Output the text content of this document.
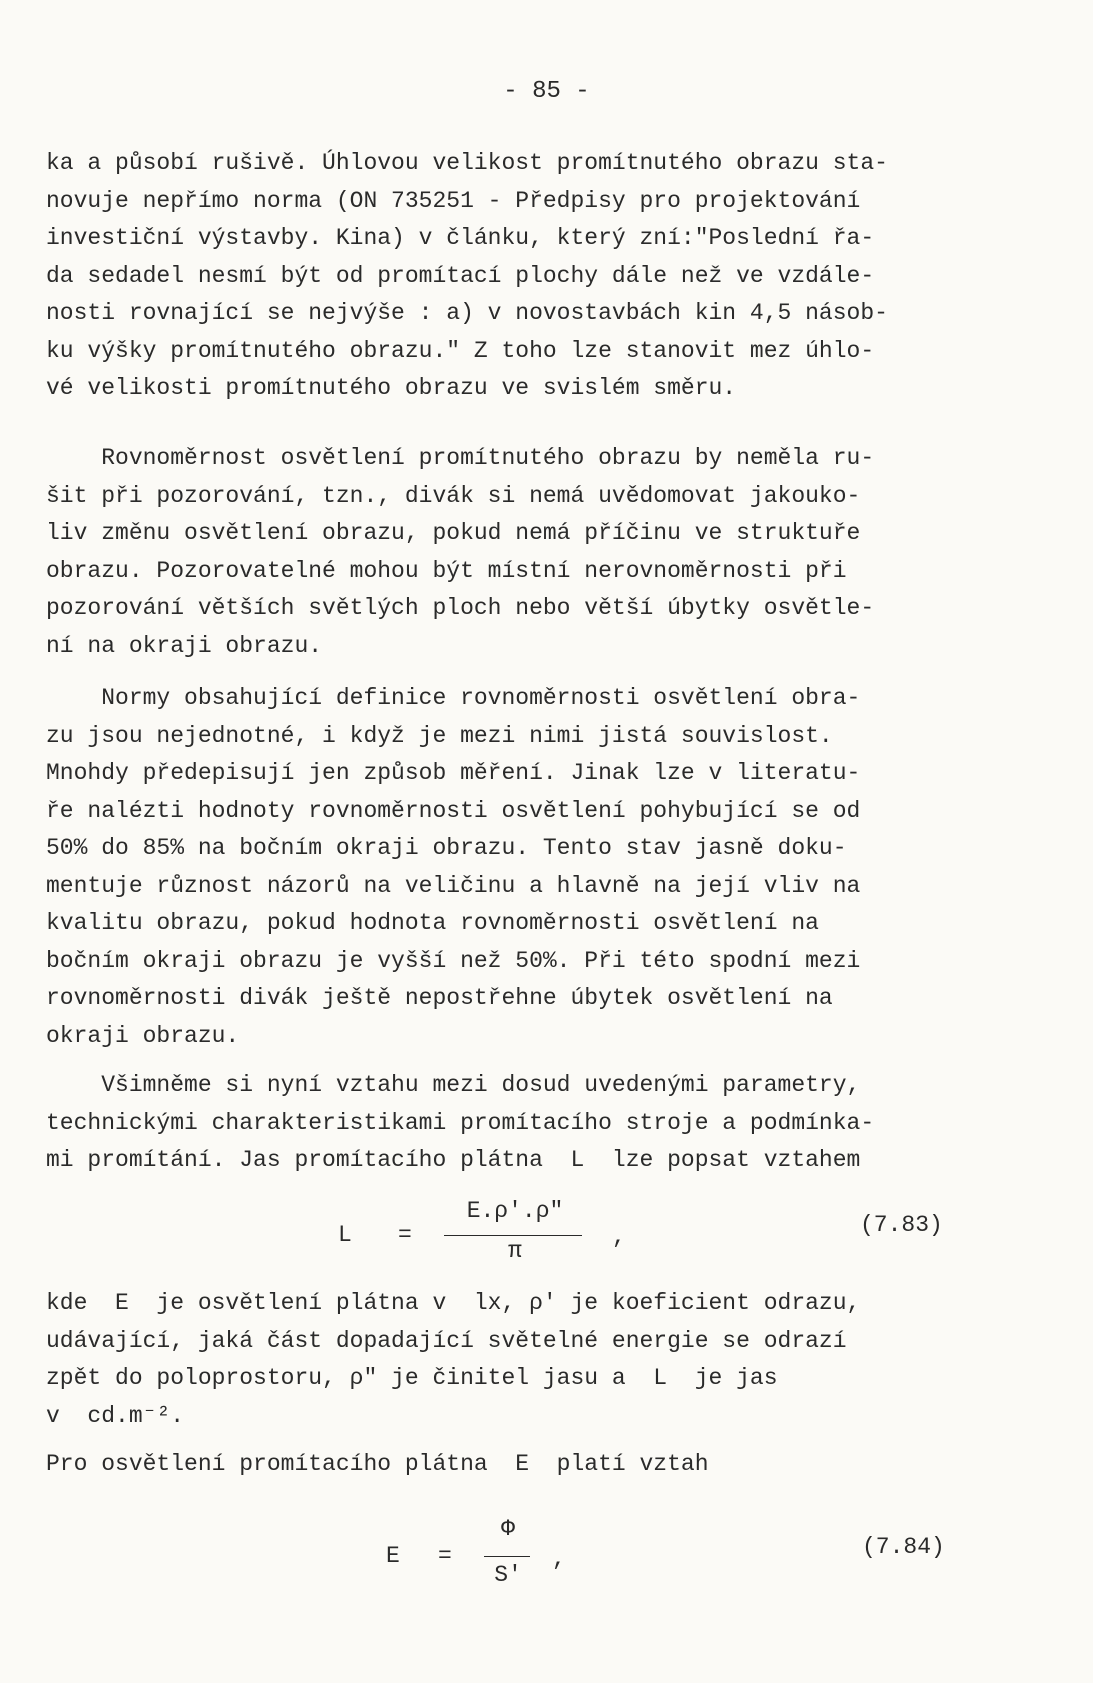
- 85 -
ka a působí rušivě. Úhlovou velikost promítnutého obrazu sta-
novuje nepřímo norma (ON 735251 - Předpisy pro projektování
investiční výstavby. Kina) v článku, který zní:"Poslední řa-
da sedadel nesmí být od promítací plochy dále než ve vzdále-
nosti rovnající se nejvýše : a) v novostavbách kin 4,5 násob-
ku výšky promítnutého obrazu." Z toho lze stanovit mez úhlo-
vé velikosti promítnutého obrazu ve svislém směru.
Rovnoměrnost osvětlení promítnutého obrazu by neměla ru-
šit při pozorování, tzn., divák si nemá uvědomovat jakouko-
liv změnu osvětlení obrazu, pokud nemá příčinu ve struktuře
obrazu. Pozorovatelné mohou být místní nerovnoměrnosti při
pozorování větších světlých ploch nebo větší úbytky osvětle-
ní na okraji obrazu.
Normy obsahující definice rovnoměrnosti osvětlení obra-
zu jsou nejednotné, i když je mezi nimi jistá souvislost.
Mnohdy předepisují jen způsob měření. Jinak lze v literatu-
ře nalézti hodnoty rovnoměrnosti osvětlení pohybující se od
50% do 85% na bočním okraji obrazu. Tento stav jasně doku-
mentuje různost názorů na veličinu a hlavně na její vliv na
kvalitu obrazu, pokud hodnota rovnoměrnosti osvětlení na
bočním okraji obrazu je vyšší než 50%. Při této spodní mezi
rovnoměrnosti divák ještě nepostřehne úbytek osvětlení na
okraji obrazu.
Všimněme si nyní vztahu mezi dosud uvedenými parametry,
technickými charakteristikami promítacího stroje a podmínka-
mi promítání. Jas promítacího plátna  L  lze popsat vztahem
L =
E.ρ′.ρ″
π
,	(7.83)
kde  E  je osvětlení plátna v  lx, ρ′ je koeficient odrazu,
udávající, jaká část dopadající světelné energie se odrazí
zpět do poloprostoru, ρ″ je činitel jasu a  L  je jas
v  cd.m⁻².
Pro osvětlení promítacího plátna  E  platí vztah
E =
Φ
S′
,	(7.84)
